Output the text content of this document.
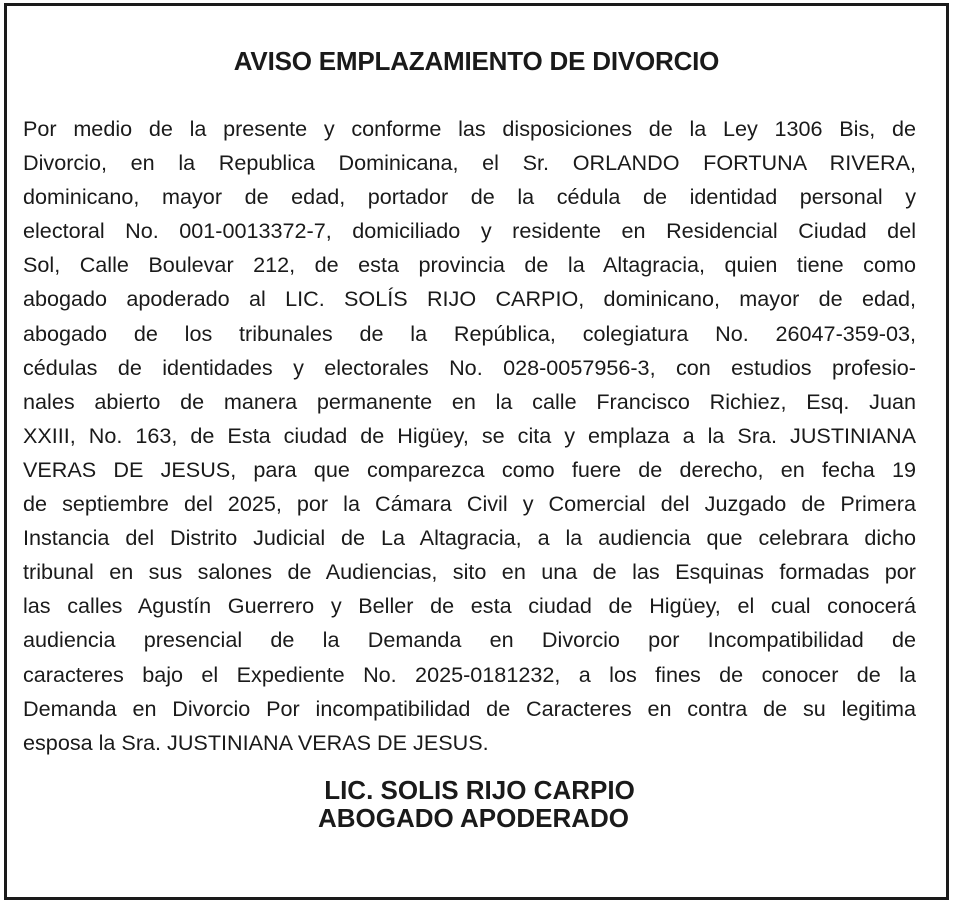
AVISO EMPLAZAMIENTO DE DIVORCIO

Por medio de la presente y conforme las disposiciones de la Ley 1306 Bis, de
Divorcio, en la Republica Dominicana, el Sr. ORLANDO FORTUNA RIVERA,
dominicano, mayor de edad, portador de la cédula de identidad personal y
electoral No. 001-0013372-7, domiciliado y residente en Residencial Ciudad del
Sol, Calle Boulevar 212, de esta provincia de la Altagracia, quien tiene como
abogado apoderado al LIC. SOLÍS RIJO CARPIO, dominicano, mayor de edad,
abogado de los tribunales de la República, colegiatura No. 26047-359-03,
cédulas de identidades y electorales No. 028-0057956-3, con estudios profesio-
nales abierto de manera permanente en la calle Francisco Richiez, Esq. Juan
XXIII, No. 163, de Esta ciudad de Higüey, se cita y emplaza a la Sra. JUSTINIANA
VERAS DE JESUS, para que comparezca como fuere de derecho, en fecha 19
de septiembre del 2025, por la Cámara Civil y Comercial del Juzgado de Primera
Instancia del Distrito Judicial de La Altagracia, a la audiencia que celebrara dicho
tribunal en sus salones de Audiencias, sito en una de las Esquinas formadas por
las calles Agustín Guerrero y Beller de esta ciudad de Higüey, el cual conocerá
audiencia presencial de la Demanda en Divorcio por Incompatibilidad de
caracteres bajo el Expediente No. 2025-0181232, a los fines de conocer de la
Demanda en Divorcio Por incompatibilidad de Caracteres en contra de su legitima
esposa la Sra. JUSTINIANA VERAS DE JESUS.

LIC. SOLIS RIJO CARPIO
ABOGADO APODERADO
